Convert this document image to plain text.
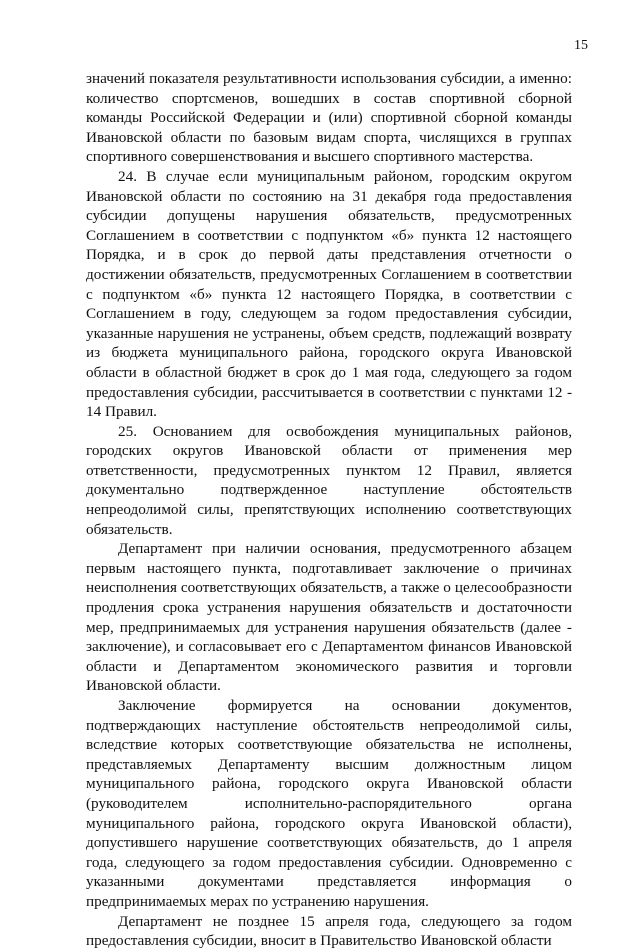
15

значений показателя результативности использования субсидии, а именно: количество спортсменов, вошедших в состав спортивной сборной команды Российской Федерации и (или) спортивной сборной команды Ивановской области по базовым видам спорта, числящихся в группах спортивного совершенствования и высшего спортивного мастерства.

24. В случае если муниципальным районом, городским округом Ивановской области по состоянию на 31 декабря года предоставления субсидии допущены нарушения обязательств, предусмотренных Соглашением в соответствии с подпунктом «б» пункта 12 настоящего Порядка, и в срок до первой даты представления отчетности о достижении обязательств, предусмотренных Соглашением в соответствии с подпунктом «б» пункта 12 настоящего Порядка, в соответствии с Соглашением в году, следующем за годом предоставления субсидии, указанные нарушения не устранены, объем средств, подлежащий возврату из бюджета муниципального района, городского округа Ивановской области в областной бюджет в срок до 1 мая года, следующего за годом предоставления субсидии, рассчитывается в соответствии с пунктами 12 - 14 Правил.

25. Основанием для освобождения муниципальных районов, городских округов Ивановской области от применения мер ответственности, предусмотренных пунктом 12 Правил, является документально подтвержденное наступление обстоятельств непреодолимой силы, препятствующих исполнению соответствующих обязательств.

Департамент при наличии основания, предусмотренного абзацем первым настоящего пункта, подготавливает заключение о причинах неисполнения соответствующих обязательств, а также о целесообразности продления срока устранения нарушения обязательств и достаточности мер, предпринимаемых для устранения нарушения обязательств (далее - заключение), и согласовывает его с Департаментом финансов Ивановской области и Департаментом экономического развития и торговли Ивановской области.

Заключение формируется на основании документов, подтверждающих наступление обстоятельств непреодолимой силы, вследствие которых соответствующие обязательства не исполнены, представляемых Департаменту высшим должностным лицом муниципального района, городского округа Ивановской области (руководителем исполнительно-распорядительного органа муниципального района, городского округа Ивановской области), допустившего нарушение соответствующих обязательств, до 1 апреля года, следующего за годом предоставления субсидии. Одновременно с указанными документами представляется информация о предпринимаемых мерах по устранению нарушения.

Департамент не позднее 15 апреля года, следующего за годом предоставления субсидии, вносит в Правительство Ивановской области
